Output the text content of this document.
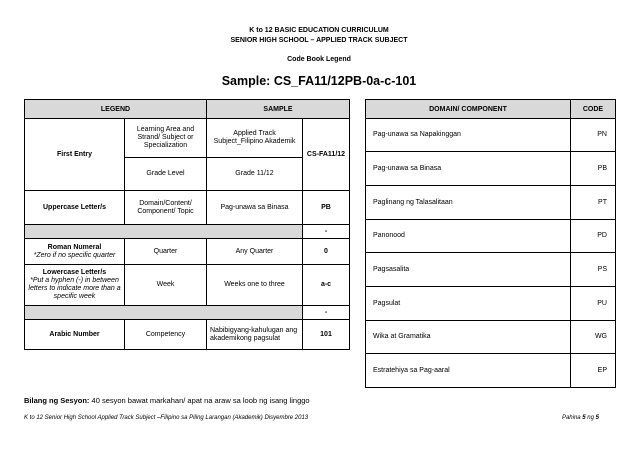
K to 12 BASIC EDUCATION CURRICULUM
SENIOR HIGH SCHOOL – APPLIED TRACK SUBJECT
Code Book Legend
Sample: CS_FA11/12PB-0a-c-101
LEGEND		SAMPLE	
First Entry	Learning Area and Strand/ Subject or Specialization	Applied Track Subject_Filipino Akademik	CS-FA11/12
	Grade Level	Grade 11/12	
Uppercase Letter/s	Domain/Content/ Component/ Topic	Pag-unawa sa Binasa	PB
			-

Roman Numeral
*Zero if no specific quarter	Quarter	Any Quarter	0

Lowercase Letter/s
*Put a hyphen (-) in between letters to indicate more than a specific week	Week	Weeks one to three	a-c
			-
Arabic Number	Competency	Nabibigyang-kahulugan ang akademikong pagsulat	101
DOMAIN/ COMPONENT	CODE
Pag-unawa sa Napakinggan	PN
Pag-unawa sa Binasa	PB
Paglinang ng Talasalitaan	PT
Panonood	PD
Pagsasalita	PS
Pagsulat	PU
Wika at Gramatika	WG
Estratehiya sa Pag-aaral	EP
Bilang ng Sesyon: 40 sesyon bawat markahan/ apat na araw sa loob ng isang linggo
K to 12 Senior High School Applied Track Subject –Filipino sa Piling Larangan (Akademik) Disyembre 2013	Pahina 5 ng 5
